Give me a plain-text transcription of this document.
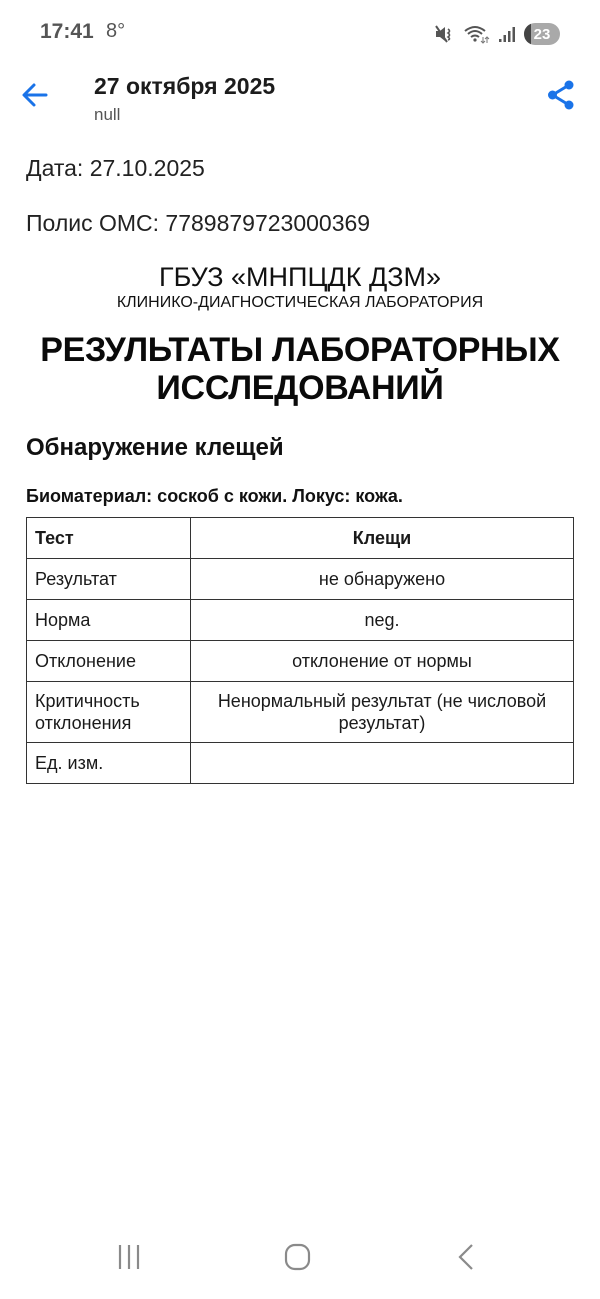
17:41 8°	23
27 октября 2025
null
Дата: 27.10.2025
Полис ОМС: 7789879723000369
ГБУЗ «МНПЦДК ДЗМ»
КЛИНИКО-ДИАГНОСТИЧЕСКАЯ ЛАБОРАТОРИЯ
РЕЗУЛЬТАТЫ ЛАБОРАТОРНЫХ ИССЛЕДОВАНИЙ
Обнаружение клещей
Биоматериал: соскоб с кожи. Локус: кожа.
Тест	Клещи
Результат	не обнаружено
Норма	neg.
Отклонение	отклонение от нормы
Критичность отклонения	Ненормальный результат (не числовой результат)
Ед. изм.	
